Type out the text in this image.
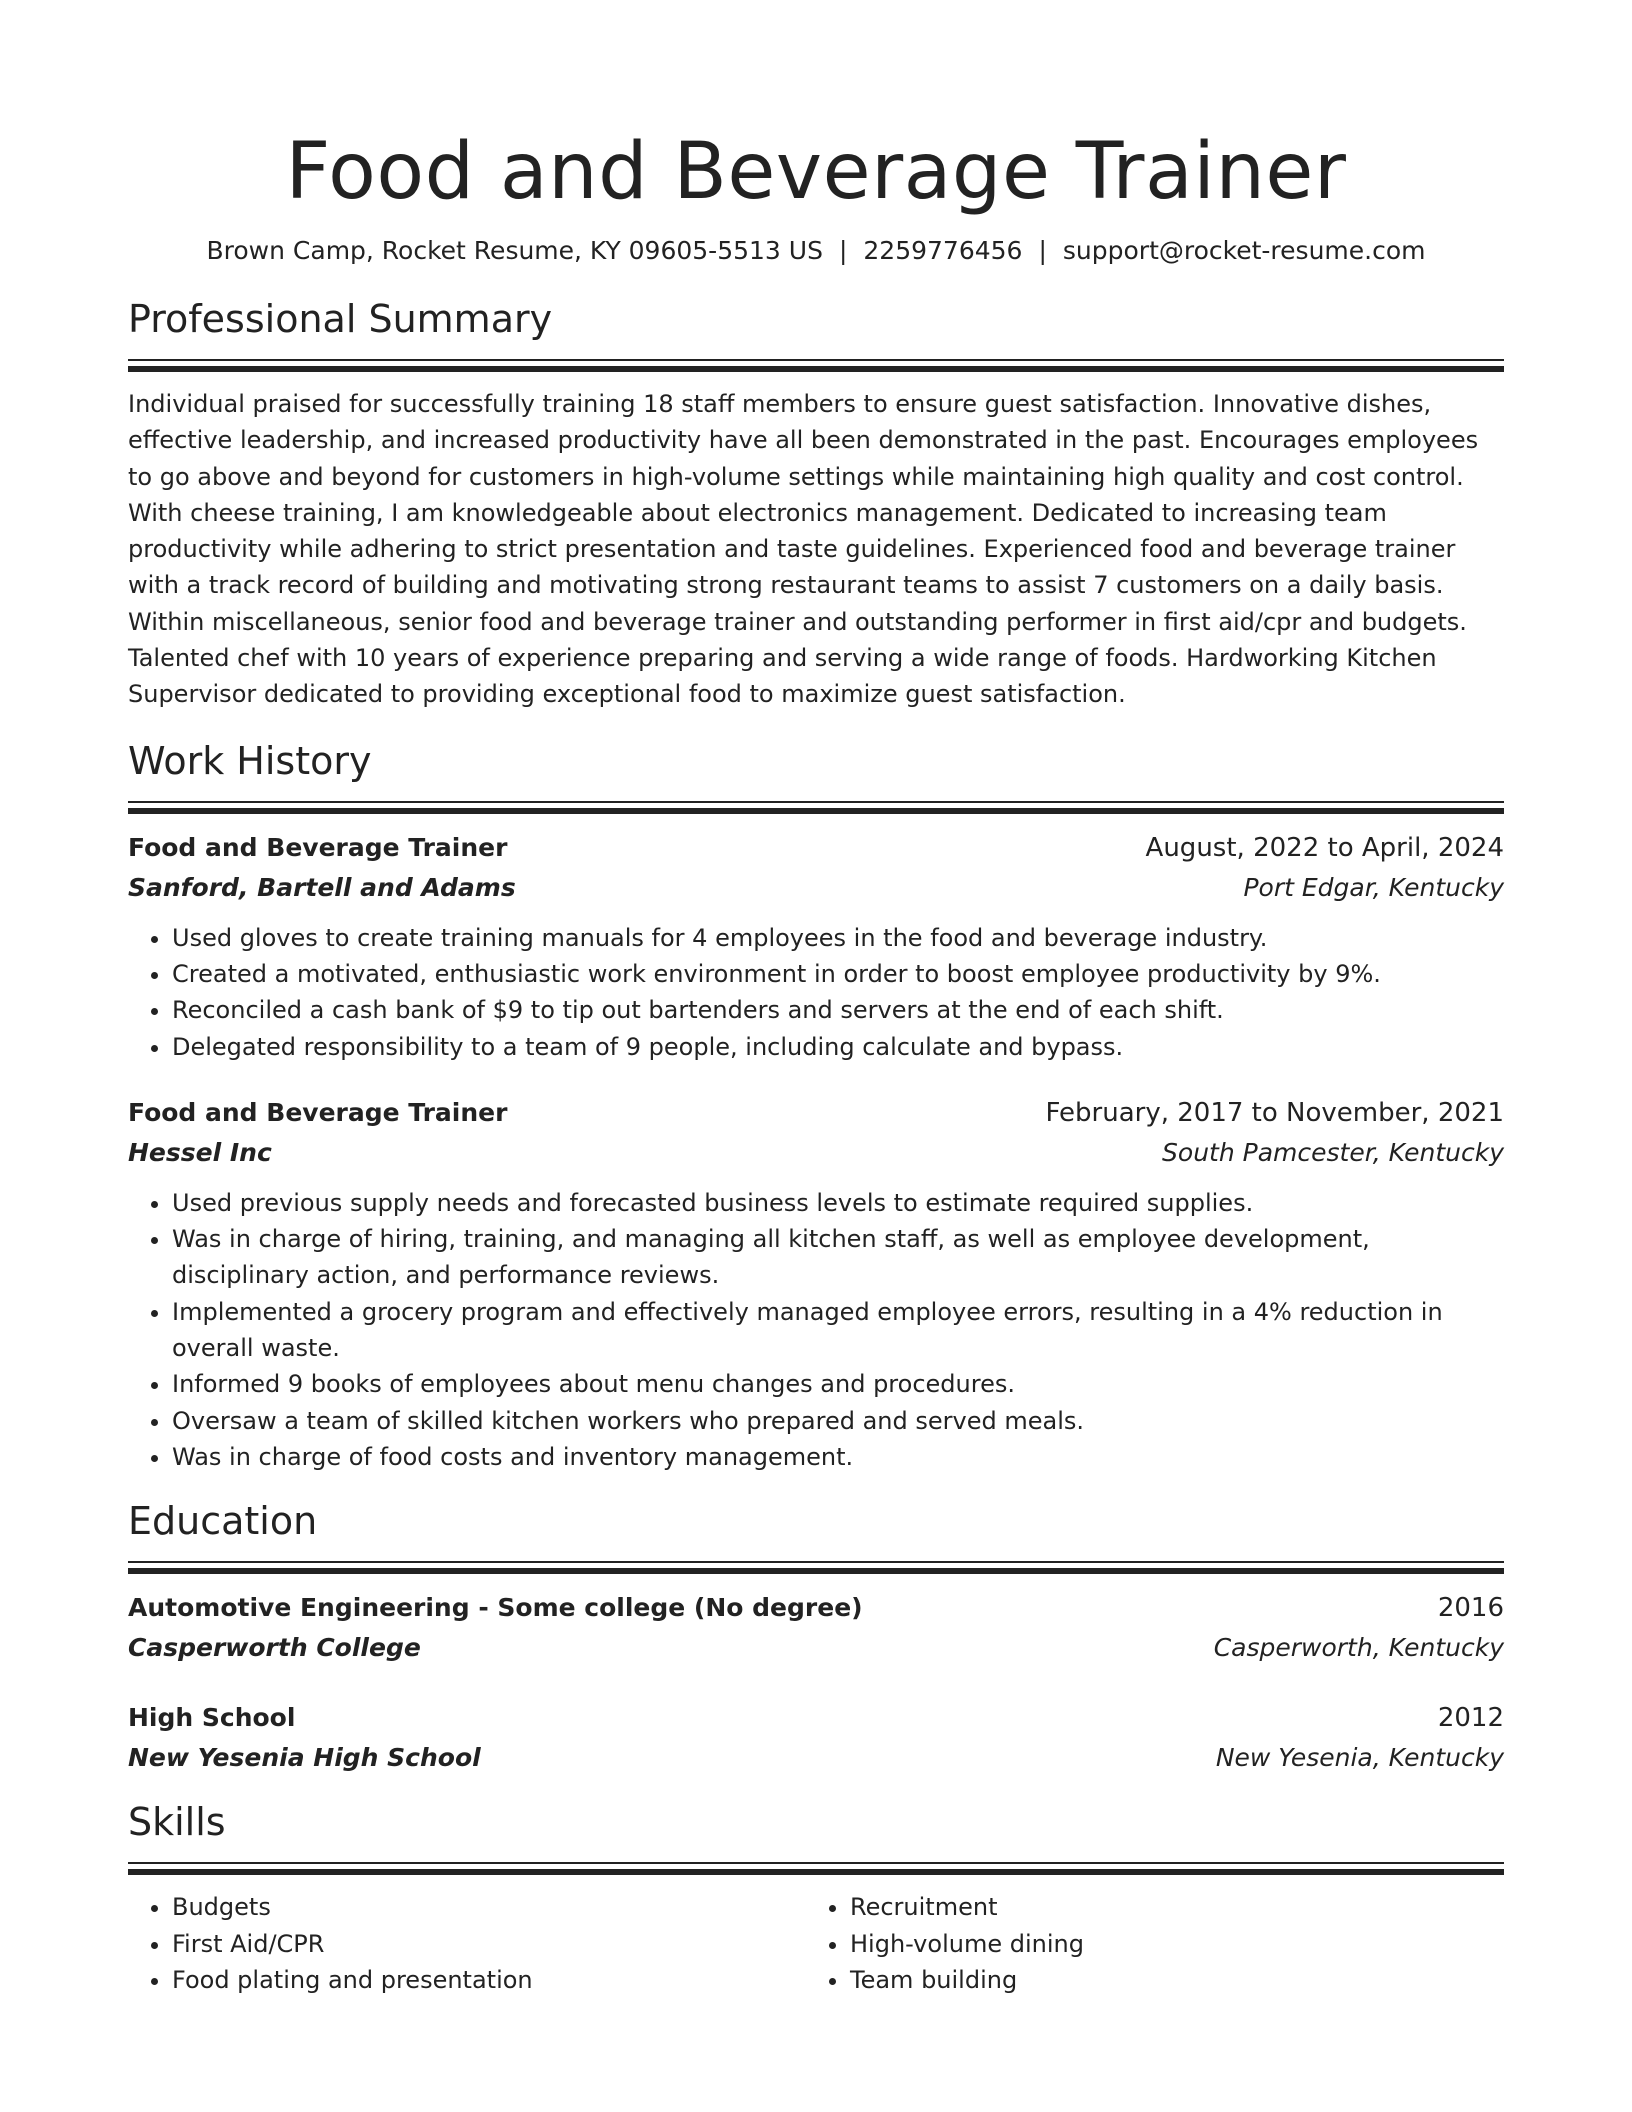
Food and Beverage Trainer
Brown Camp, Rocket Resume, KY 09605-5513 US | 2259776456 | support@rocket-resume.com
Professional Summary
Individual praised for successfully training 18 staff members to ensure guest satisfaction. Innovative dishes, effective leadership, and increased productivity have all been demonstrated in the past. Encourages employees to go above and beyond for customers in high-volume settings while maintaining high quality and cost control. With cheese training, I am knowledgeable about electronics management. Dedicated to increasing team productivity while adhering to strict presentation and taste guidelines. Experienced food and beverage trainer with a track record of building and motivating strong restaurant teams to assist 7 customers on a daily basis. Within miscellaneous, senior food and beverage trainer and outstanding performer in first aid/cpr and budgets. Talented chef with 10 years of experience preparing and serving a wide range of foods. Hardworking Kitchen Supervisor dedicated to providing exceptional food to maximize guest satisfaction.
Work History
Food and Beverage Trainer	August, 2022 to April, 2024
Sanford, Bartell and Adams	Port Edgar, Kentucky
• Used gloves to create training manuals for 4 employees in the food and beverage industry.
• Created a motivated, enthusiastic work environment in order to boost employee productivity by 9%.
• Reconciled a cash bank of $9 to tip out bartenders and servers at the end of each shift.
• Delegated responsibility to a team of 9 people, including calculate and bypass.
Food and Beverage Trainer	February, 2017 to November, 2021
Hessel Inc	South Pamcester, Kentucky
• Used previous supply needs and forecasted business levels to estimate required supplies.
• Was in charge of hiring, training, and managing all kitchen staff, as well as employee development, disciplinary action, and performance reviews.
• Implemented a grocery program and effectively managed employee errors, resulting in a 4% reduction in overall waste.
• Informed 9 books of employees about menu changes and procedures.
• Oversaw a team of skilled kitchen workers who prepared and served meals.
• Was in charge of food costs and inventory management.
Education
Automotive Engineering - Some college (No degree)	2016
Casperworth College	Casperworth, Kentucky
High School	2012
New Yesenia High School	New Yesenia, Kentucky
Skills
• Budgets
• First Aid/CPR
• Food plating and presentation
• Recruitment
• High-volume dining
• Team building
